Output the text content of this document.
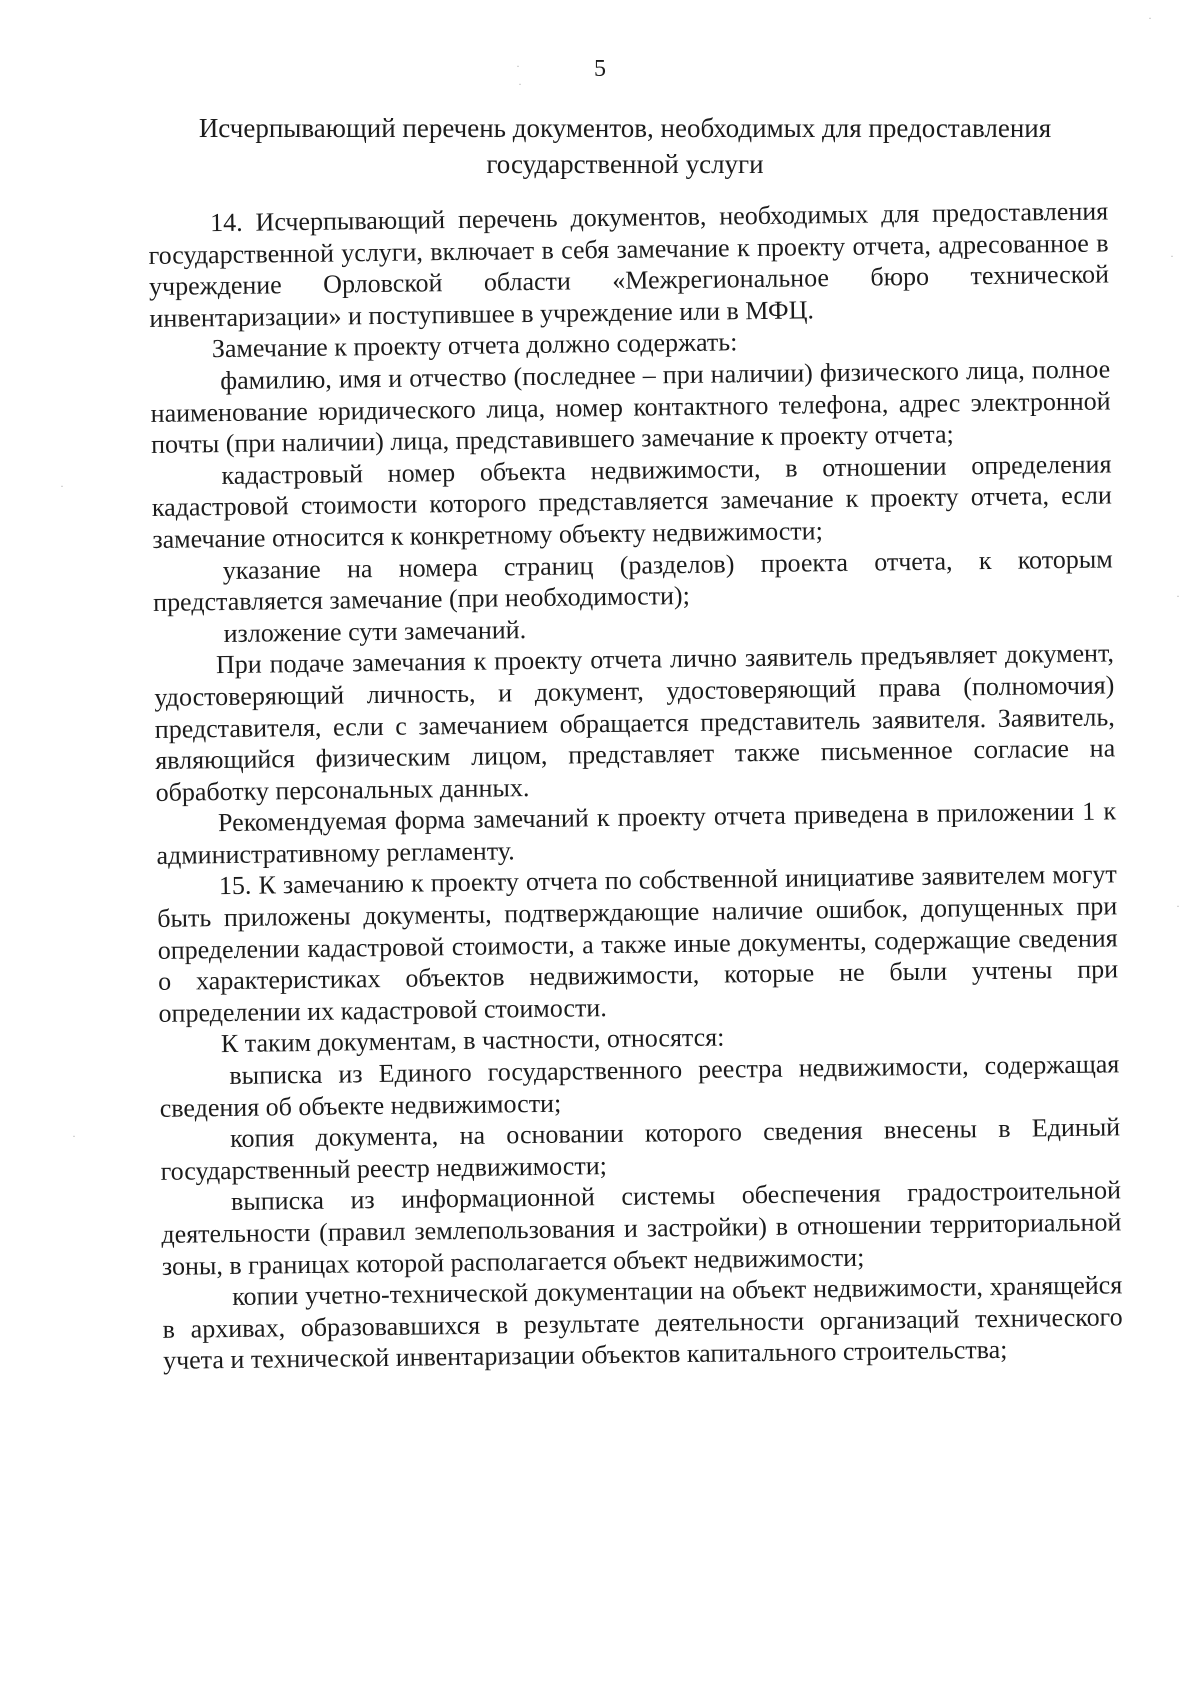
5
Исчерпывающий перечень документов, необходимых для предоставления
государственной услуги

14. Исчерпывающий перечень документов, необходимых для предоставления государственной услуги, включает в себя замечание к проекту отчета, адресованное в учреждение Орловской области «Межрегиональное бюро технической инвентаризации» и поступившее в учреждение или в МФЦ.

Замечание к проекту отчета должно содержать:

фамилию, имя и отчество (последнее – при наличии) физического лица, полное наименование юридического лица, номер контактного телефона, адрес электронной почты (при наличии) лица, представившего замечание к проекту отчета;

кадастровый номер объекта недвижимости, в отношении определения кадастровой стоимости которого представляется замечание к проекту отчета, если замечание относится к конкретному объекту недвижимости;

указание на номера страниц (разделов) проекта отчета, к которым представляется замечание (при необходимости);

изложение сути замечаний.

При подаче замечания к проекту отчета лично заявитель предъявляет документ, удостоверяющий личность, и документ, удостоверяющий права (полномочия) представителя, если с замечанием обращается представитель заявителя. Заявитель, являющийся физическим лицом, представляет также письменное согласие на обработку персональных данных.

Рекомендуемая форма замечаний к проекту отчета приведена в приложении 1 к административному регламенту.

15. К замечанию к проекту отчета по собственной инициативе заявителем могут быть приложены документы, подтверждающие наличие ошибок, допущенных при определении кадастровой стоимости, а также иные документы, содержащие сведения о характеристиках объектов недвижимости, которые не были учтены при определении их кадастровой стоимости.

К таким документам, в частности, относятся:

выписка из Единого государственного реестра недвижимости, содержащая сведения об объекте недвижимости;

копия документа, на основании которого сведения внесены в Единый государственный реестр недвижимости;

выписка из информационной системы обеспечения градостроительной деятельности (правил землепользования и застройки) в отношении территориальной зоны, в границах которой располагается объект недвижимости;

копии учетно-технической документации на объект недвижимости, хранящейся в архивах, образовавшихся в результате деятельности организаций технического учета и технической инвентаризации объектов капитального строительства;

·
·
·
·
·
·
·
·
